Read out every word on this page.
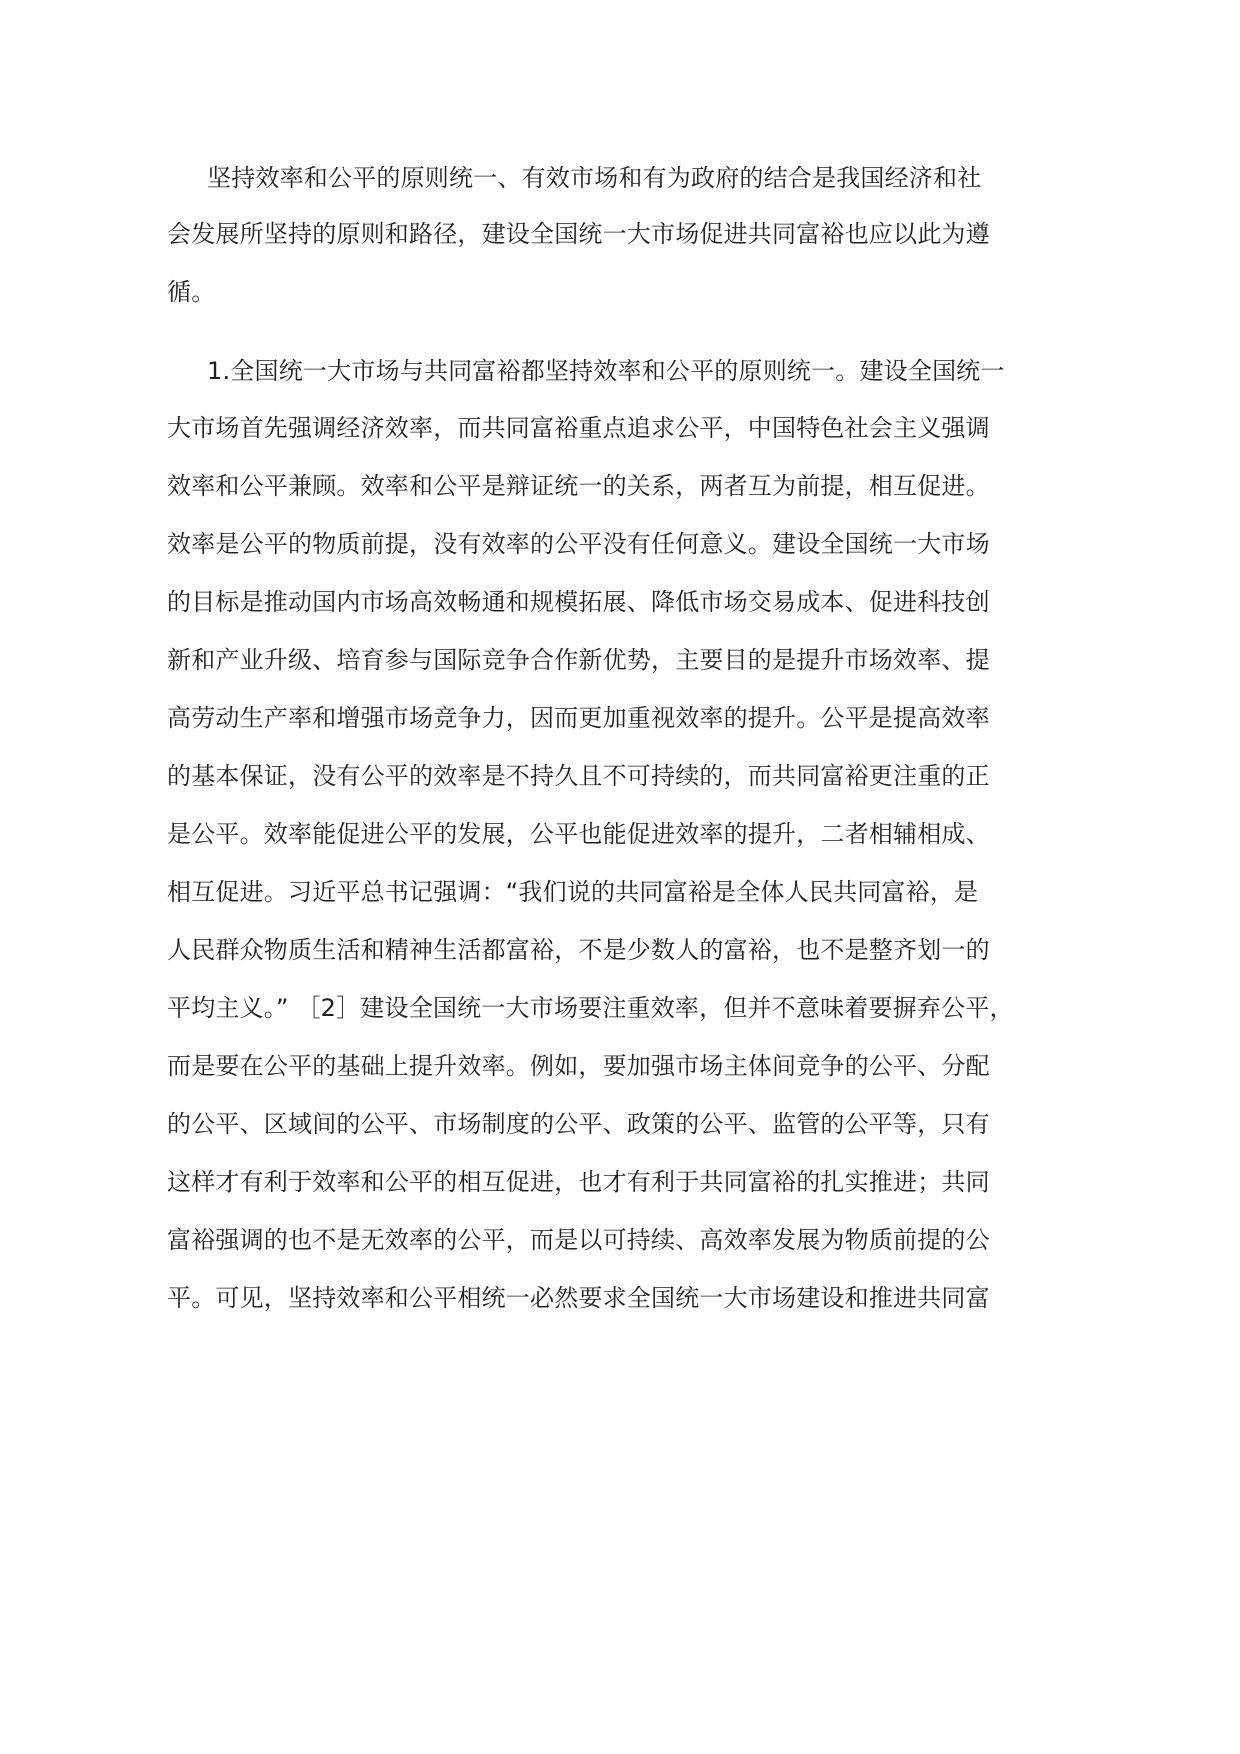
坚持效率和公平的原则统一、有效市场和有为政府的结合是我国经济和社
会发展所坚持的原则和路径，建设全国统一大市场促进共同富裕也应以此为遵
循。
1.全国统一大市场与共同富裕都坚持效率和公平的原则统一。建设全国统一
大市场首先强调经济效率，而共同富裕重点追求公平，中国特色社会主义强调
效率和公平兼顾。效率和公平是辩证统一的关系，两者互为前提，相互促进。
效率是公平的物质前提，没有效率的公平没有任何意义。建设全国统一大市场
的目标是推动国内市场高效畅通和规模拓展、降低市场交易成本、促进科技创
新和产业升级、培育参与国际竞争合作新优势，主要目的是提升市场效率、提
高劳动生产率和增强市场竞争力，因而更加重视效率的提升。公平是提高效率
的基本保证，没有公平的效率是不持久且不可持续的，而共同富裕更注重的正
是公平。效率能促进公平的发展，公平也能促进效率的提升，二者相辅相成、
相互促进。习近平总书记强调：“我们说的共同富裕是全体人民共同富裕，是
人民群众物质生活和精神生活都富裕，不是少数人的富裕，也不是整齐划一的
平均主义。” ［2］建设全国统一大市场要注重效率，但并不意味着要摒弃公平，
而是要在公平的基础上提升效率。例如，要加强市场主体间竞争的公平、分配
的公平、区域间的公平、市场制度的公平、政策的公平、监管的公平等，只有
这样才有利于效率和公平的相互促进，也才有利于共同富裕的扎实推进；共同
富裕强调的也不是无效率的公平，而是以可持续、高效率发展为物质前提的公
平。可见，坚持效率和公平相统一必然要求全国统一大市场建设和推进共同富
